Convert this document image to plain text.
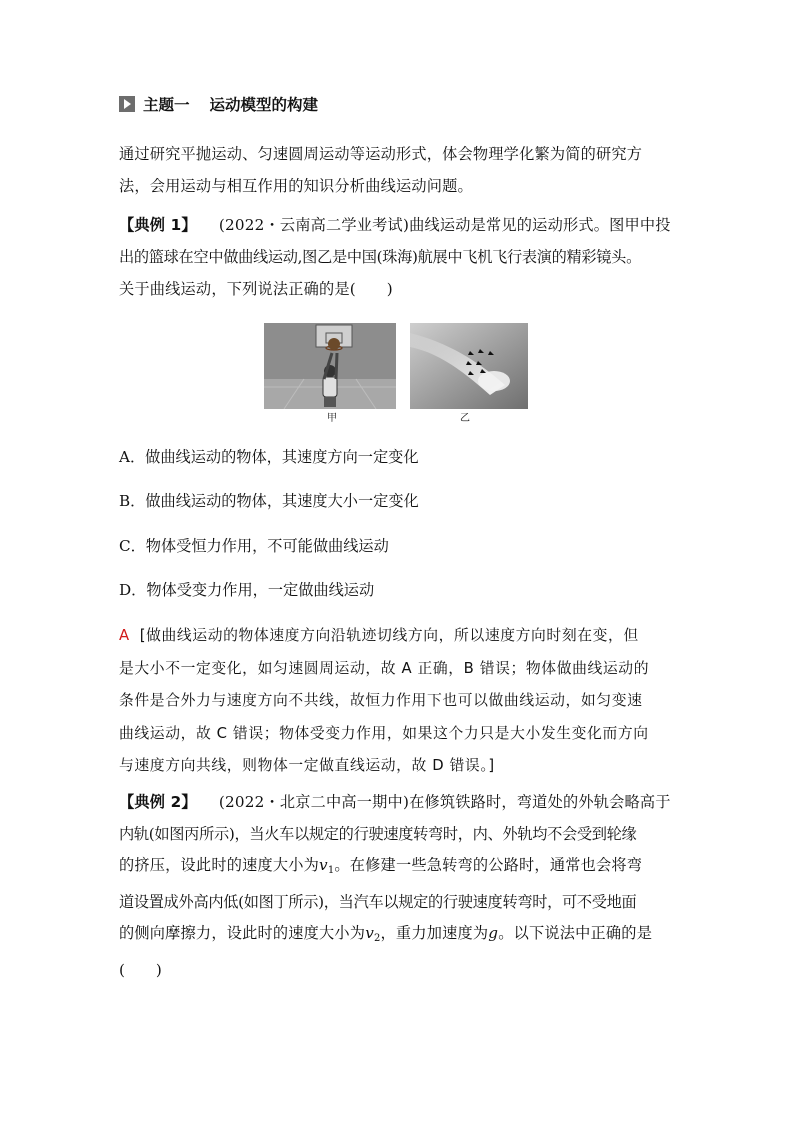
主题一 运动模型的构建
通过研究平抛运动、匀速圆周运动等运动形式，体会物理学化繁为简的研究方
法，会用运动与相互作用的知识分析曲线运动问题。
【典例 1】 (2022・云南高二学业考试)曲线运动是常见的运动形式。图甲中投
出的篮球在空中做曲线运动,图乙是中国(珠海)航展中飞机飞行表演的精彩镜头。
关于曲线运动，下列说法正确的是(　　)
甲	乙
A．做曲线运动的物体，其速度方向一定变化
B．做曲线运动的物体，其速度大小一定变化
C．物体受恒力作用，不可能做曲线运动
D．物体受变力作用，一定做曲线运动
A [做曲线运动的物体速度方向沿轨迹切线方向，所以速度方向时刻在变，但
是大小不一定变化，如匀速圆周运动，故 A 正确，B 错误；物体做曲线运动的
条件是合外力与速度方向不共线，故恒力作用下也可以做曲线运动，如匀变速
曲线运动，故 C 错误；物体受变力作用，如果这个力只是大小发生变化而方向
与速度方向共线，则物体一定做直线运动，故 D 错误。]
【典例 2】 (2022・北京二中高一期中)在修筑铁路时，弯道处的外轨会略高于
内轨(如图丙所示)，当火车以规定的行驶速度转弯时，内、外轨均不会受到轮缘
的挤压，设此时的速度大小为$v_1$。在修建一些急转弯的公路时，通常也会将弯
道设置成外高内低(如图丁所示)，当汽车以规定的行驶速度转弯时，可不受地面
的侧向摩擦力，设此时的速度大小为$v_2$，重力加速度为g。以下说法中正确的是
(　　)
